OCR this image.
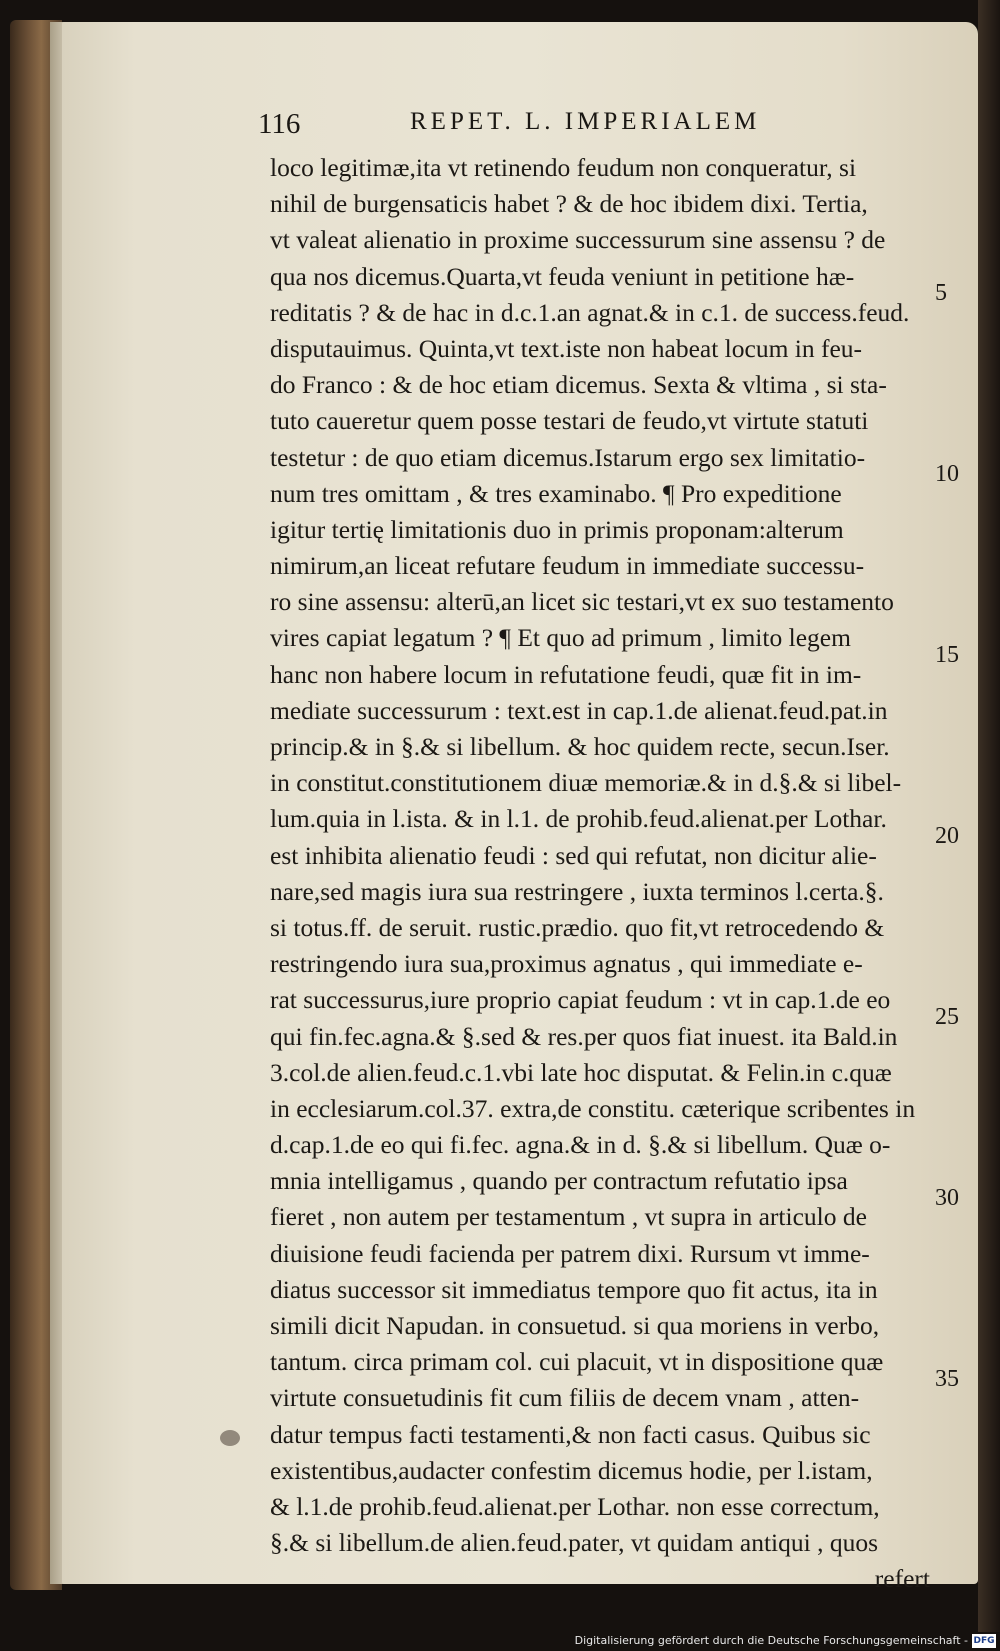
116	REPET. L. IMPERIALEM
loco legitimæ,ita vt retinendo feudum non conqueratur, si
nihil de burgensaticis habet ? & de hoc ibidem dixi. Tertia,
vt valeat alienatio in proxime successurum sine assensu ? de
qua nos dicemus.Quarta,vt feuda veniunt in petitione hæ-
reditatis ? & de hac in d.c.1.an agnat.& in c.1. de success.feud.
disputauimus. Quinta,vt text.iste non habeat locum in feu-
do Franco : & de hoc etiam dicemus. Sexta & vltima , si sta-
tuto caueretur quem posse testari de feudo,vt virtute statuti
testetur : de quo etiam dicemus.Istarum ergo sex limitatio-
num tres omittam , & tres examinabo. ¶ Pro expeditione
igitur tertię limitationis duo in primis proponam:alterum
nimirum,an liceat refutare feudum in immediate successu-
ro sine assensu: alterū,an licet sic testari,vt ex suo testamento
vires capiat legatum ? ¶ Et quo ad primum , limito legem
hanc non habere locum in refutatione feudi, quæ fit in im-
mediate successurum : text.est in cap.1.de alienat.feud.pat.in
princip.& in §.& si libellum. & hoc quidem recte, secun.Iser.
in constitut.constitutionem diuæ memoriæ.& in d.§.& si libel-
lum.quia in l.ista. & in l.1. de prohib.feud.alienat.per Lothar.
est inhibita alienatio feudi : sed qui refutat, non dicitur alie-
nare,sed magis iura sua restringere , iuxta terminos l.certa.§.
si totus.ff. de seruit. rustic.prædio. quo fit,vt retrocedendo &
restringendo iura sua,proximus agnatus , qui immediate e-
rat successurus,iure proprio capiat feudum : vt in cap.1.de eo
qui fin.fec.agna.& §.sed & res.per quos fiat inuest. ita Bald.in
3.col.de alien.feud.c.1.vbi late hoc disputat. & Felin.in c.quæ
in ecclesiarum.col.37. extra,de constitu. cæterique scribentes in
d.cap.1.de eo qui fi.fec. agna.& in d. §.& si libellum. Quæ o-
mnia intelligamus , quando per contractum refutatio ipsa
fieret , non autem per testamentum , vt supra in articulo de
diuisione feudi facienda per patrem dixi. Rursum vt imme-
diatus successor sit immediatus tempore quo fit actus, ita in
simili dicit Napudan. in consuetud. si qua moriens in verbo,
tantum. circa primam col. cui placuit, vt in dispositione quæ
virtute consuetudinis fit cum filiis de decem vnam , atten-
datur tempus facti testamenti,& non facti casus. Quibus sic
existentibus,audacter confestim dicemus hodie, per l.istam,
& l.1.de prohib.feud.alienat.per Lothar. non esse correctum,
§.& si libellum.de alien.feud.pater, vt quidam antiqui , quos
refert
5
10
15
20
25
30
35
Digitalisierung gefördert durch die Deutsche Forschungsgemeinschaft - DFG
